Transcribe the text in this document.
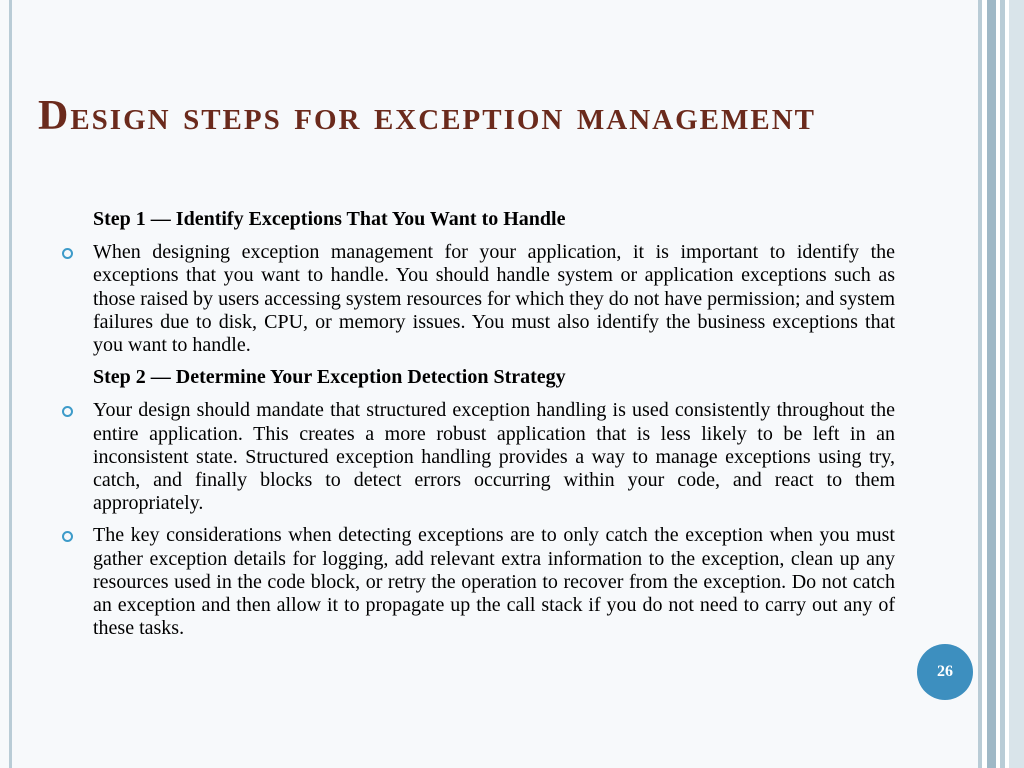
Design steps for exception management

Step 1 — Identify Exceptions That You Want to Handle

When designing exception management for your application, it is important to identify the exceptions that you want to handle. You should handle system or application exceptions such as those raised by users accessing system resources for which they do not have permission; and system failures due to disk, CPU, or memory issues. You must also identify the business exceptions that you want to handle.

Step 2 — Determine Your Exception Detection Strategy

Your design should mandate that structured exception handling is used consistently throughout the entire application. This creates a more robust application that is less likely to be left in an inconsistent state. Structured exception handling provides a way to manage exceptions using try, catch, and finally blocks to detect errors occurring within your code, and react to them appropriately.
The key considerations when detecting exceptions are to only catch the exception when you must gather exception details for logging, add relevant extra information to the exception, clean up any resources used in the code block, or retry the operation to recover from the exception. Do not catch an exception and then allow it to propagate up the call stack if you do not need to carry out any of these tasks.
26
